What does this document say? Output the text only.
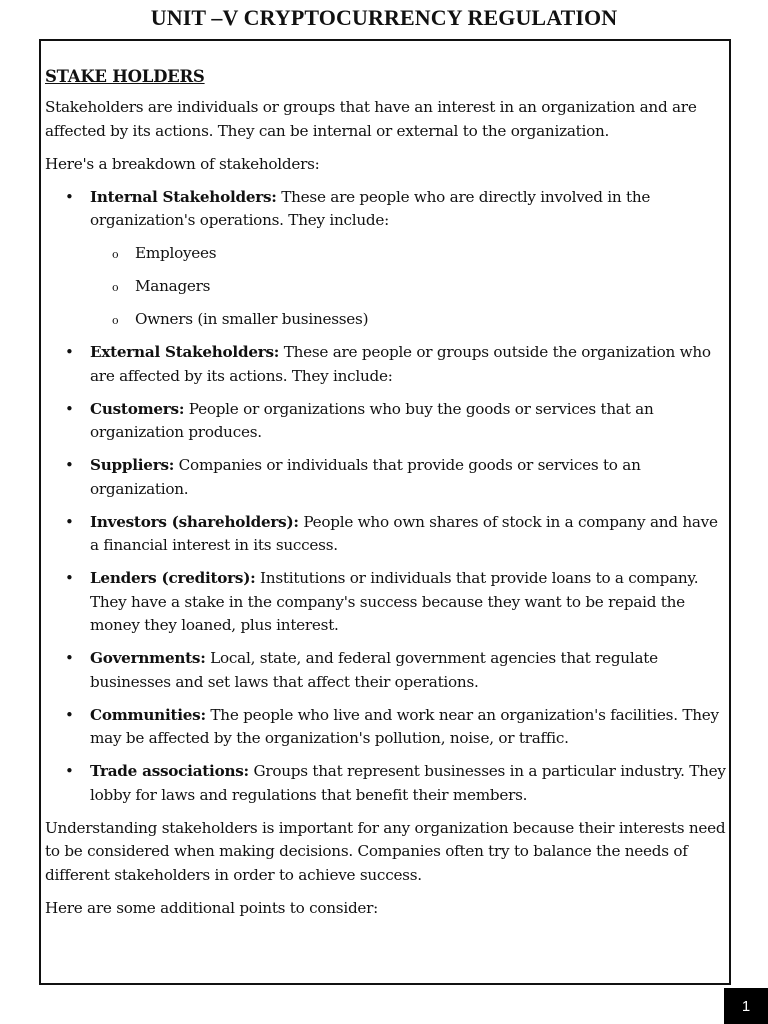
UNIT –V CRYPTOCURRENCY REGULATION
STAKE HOLDERS

Stakeholders are individuals or groups that have an interest in an organization and are affected by its actions. They can be internal or external to the organization.

Here's a breakdown of stakeholders:

• Internal Stakeholders: These are people who are directly involved in the organization's operations. They include:
o Employees
o Managers
o Owners (in smaller businesses)
• External Stakeholders: These are people or groups outside the organization who are affected by its actions. They include:
• Customers: People or organizations who buy the goods or services that an organization produces.
• Suppliers: Companies or individuals that provide goods or services to an organization.
• Investors (shareholders): People who own shares of stock in a company and have a financial interest in its success.
• Lenders (creditors): Institutions or individuals that provide loans to a company. They have a stake in the company's success because they want to be repaid the money they loaned, plus interest.
• Governments: Local, state, and federal government agencies that regulate businesses and set laws that affect their operations.
• Communities: The people who live and work near an organization's facilities. They may be affected by the organization's pollution, noise, or traffic.
• Trade associations: Groups that represent businesses in a particular industry. They lobby for laws and regulations that benefit their members.

Understanding stakeholders is important for any organization because their interests need to be considered when making decisions. Companies often try to balance the needs of different stakeholders in order to achieve success.

Here are some additional points to consider:

1
